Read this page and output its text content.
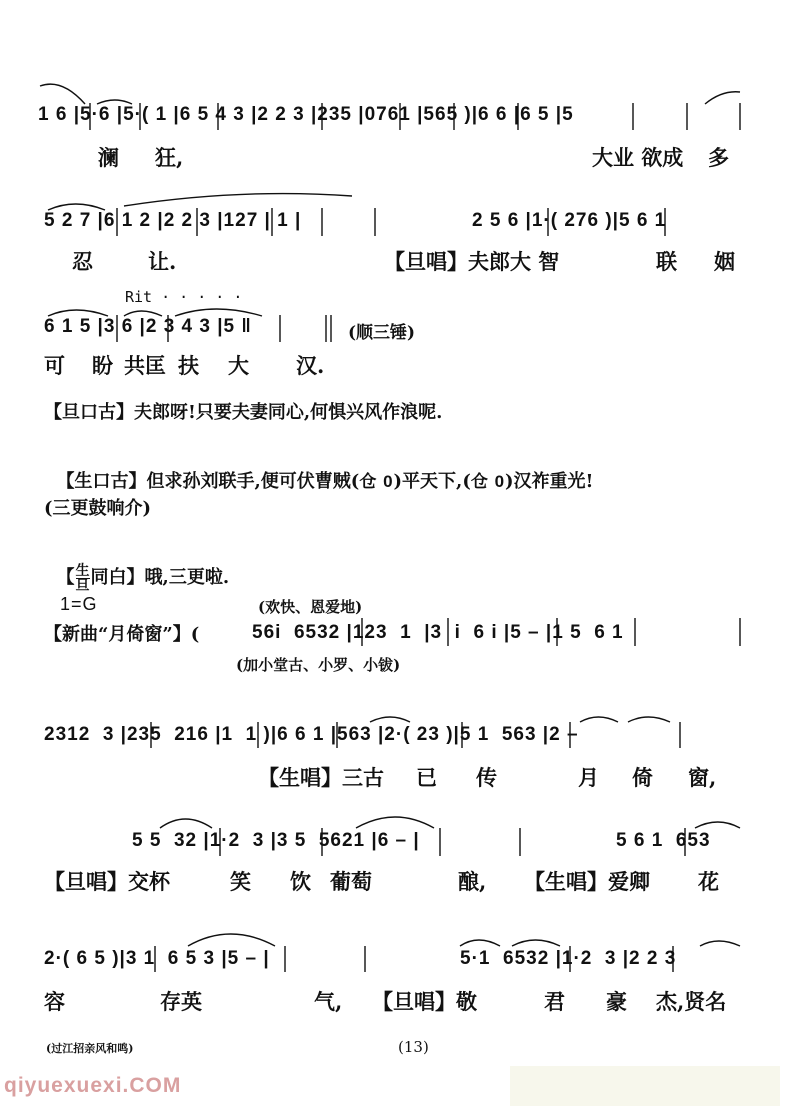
1 6 |5·6 |5·( 1 |6 5 4 3 |2 2 3 |235 |0761 |565 )|6 6 |6 5 |5
澜 狂,	大业 欲成 多
5 2 7 |6 1 2 |2 2 3 |127 | 1 |	2 5 6 |1·( 276 )|5 6 1
忍	让.	【旦唱】夫郎大 智	联 姻
Rit · · · · ·
6 1 5 |3 6 |2 3 4 3 |5 ‖	(顺三锤)
可 盼 共匡 扶 大 汉.
【旦口古】夫郎呀!只要夫妻同心,何惧兴风作浪呢.

【生口古】但求孙刘联手,便可伏曹贼(仓 0)平天下,(仓 0)汉祚重光!

(三更鼓响介)

【 生
旦 同白】哦,三更啦.

1=G	(欢快、恩爱地)
【新曲“月倚窗”】(	56i  6532 |123  1  |3  i  6 i |5 – |1 5  6 1
(加小堂古、小罗、小钹)
2312  3 |235  216 |1  1 )|6 6 1 |563 |2·( 23 )|5 1  563 |2 –
【生唱】三古 已 传	月 倚 窗,
5 5  32 |1·2  3 |3 5  5621 |6 – |	5 6 1  653
【旦唱】交杯	笑 饮 葡萄	酿, 【生唱】爱卿 花
2·( 6 5 )|3 1  6 5 3 |5 – |	5·1  6532 |1·2  3 |2 2 3
容	存英	气, 【旦唱】敬	君 豪 杰,贤名
(过江招亲风和鸣)	(13)
qiyuexuexi.COM
